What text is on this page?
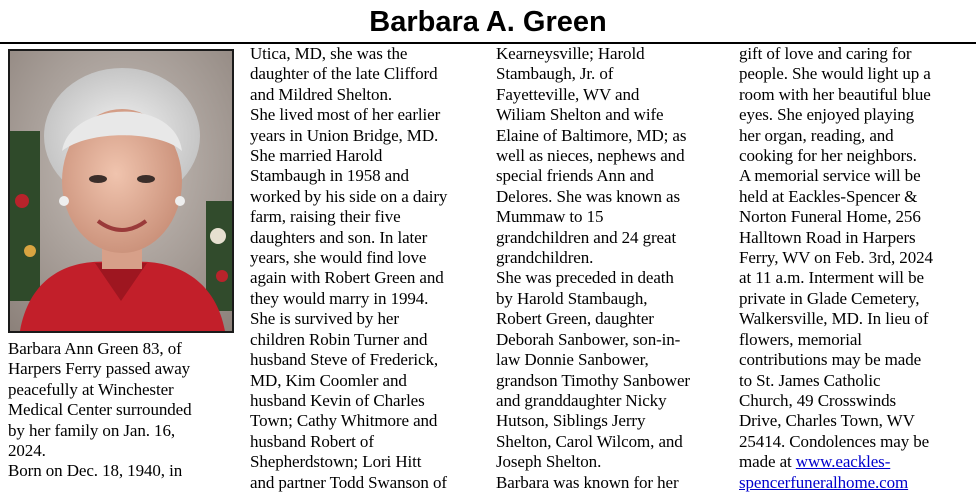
Barbara A. Green

Barbara Ann Green 83, of
Harpers Ferry passed away
peacefully at Winchester
Medical Center surrounded
by her family on Jan. 16,
2024.

Born on Dec. 18, 1940, in

Utica, MD, she was the
daughter of the late Clifford
and Mildred Shelton.

She lived most of her earlier
years in Union Bridge, MD.
She married Harold
Stambaugh in 1958 and
worked by his side on a dairy
farm, raising their five
daughters and son. In later
years, she would find love
again with Robert Green and
they would marry in 1994.

She is survived by her
children Robin Turner and
husband Steve of Frederick,
MD, Kim Coomler and
husband Kevin of Charles
Town; Cathy Whitmore and
husband Robert of
Shepherdstown; Lori Hitt
and partner Todd Swanson of

Kearneysville; Harold
Stambaugh, Jr. of
Fayetteville, WV and
Wiliam Shelton and wife
Elaine of Baltimore, MD; as
well as nieces, nephews and
special friends Ann and
Delores. She was known as
Mummaw to 15
grandchildren and 24 great
grandchildren.

She was preceded in death
by Harold Stambaugh,
Robert Green, daughter
Deborah Sanbower, son-in-
law Donnie Sanbower,
grandson Timothy Sanbower
and granddaughter Nicky
Hutson, Siblings Jerry
Shelton, Carol Wilcom, and
Joseph Shelton.

Barbara was known for her

gift of love and caring for
people. She would light up a
room with her beautiful blue
eyes. She enjoyed playing
her organ, reading, and
cooking for her neighbors.

A memorial service will be
held at Eackles-Spencer &
Norton Funeral Home, 256
Halltown Road in Harpers
Ferry, WV on Feb. 3rd, 2024
at 11 a.m. Interment will be
private in Glade Cemetery,
Walkersville, MD. In lieu of
flowers, memorial
contributions may be made
to St. James Catholic
Church, 49 Crosswinds
Drive, Charles Town, WV
25414. Condolences may be
made at www.eackles-
spencerfuneralhome.com
